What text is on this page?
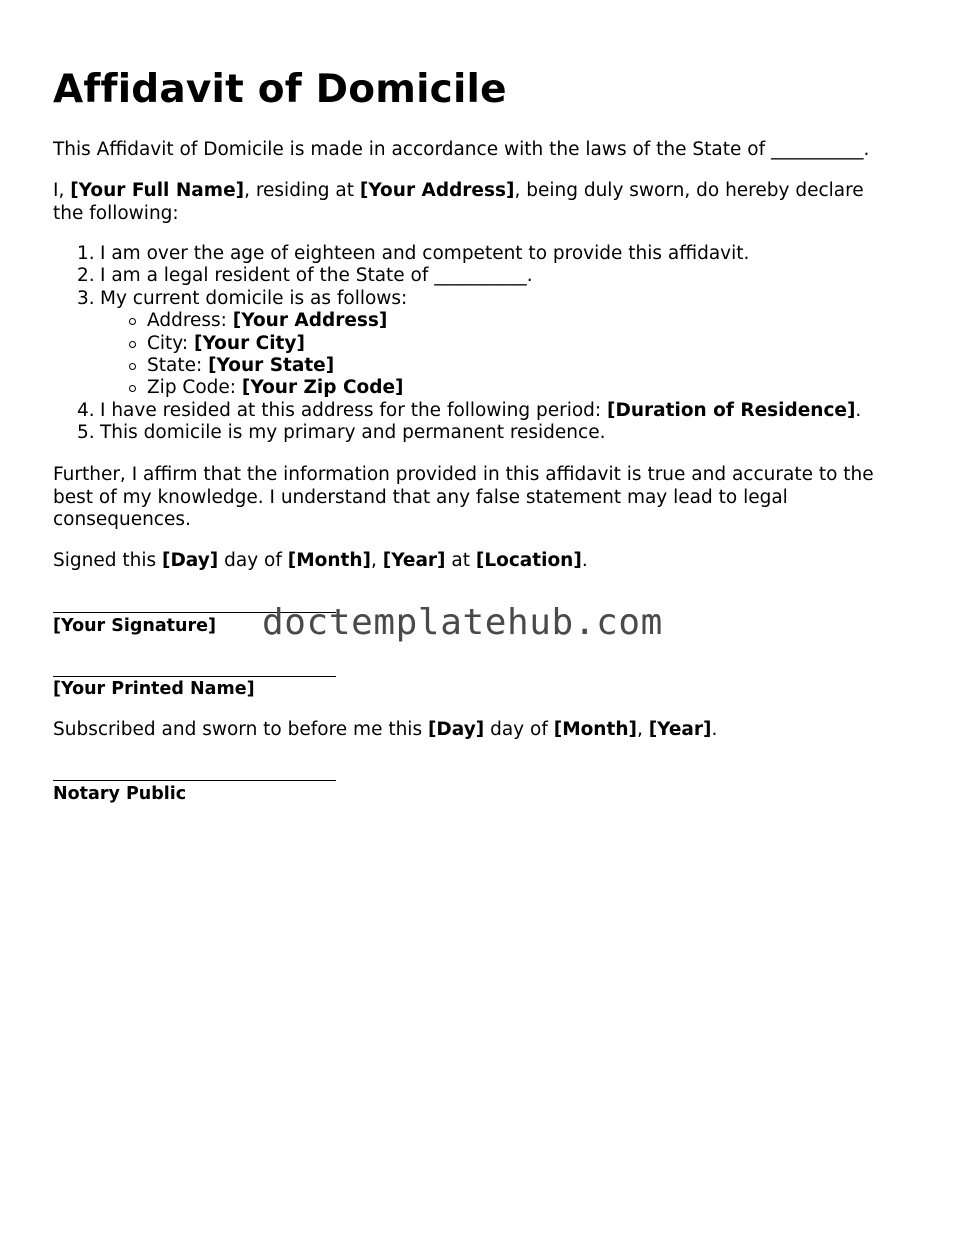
Affidavit of Domicile

This Affidavit of Domicile is made in accordance with the laws of the State of __________.

I, [Your Full Name], residing at [Your Address], being duly sworn, do hereby declare
the following:

1. I am over the age of eighteen and competent to provide this affidavit.
2. I am a legal resident of the State of __________.
3. My current domicile is as follows:
Address: [Your Address]
City: [Your City]
State: [Your State]
Zip Code: [Your Zip Code]
4. I have resided at this address for the following period: [Duration of Residence].
5. This domicile is my primary and permanent residence.

Further, I affirm that the information provided in this affidavit is true and accurate to the
best of my knowledge. I understand that any false statement may lead to legal
consequences.

Signed this [Day] day of [Month], [Year] at [Location].

[Your Signature]

[Your Printed Name]

Subscribed and sworn to before me this [Day] day of [Month], [Year].

Notary Public

doctemplatehub.com
